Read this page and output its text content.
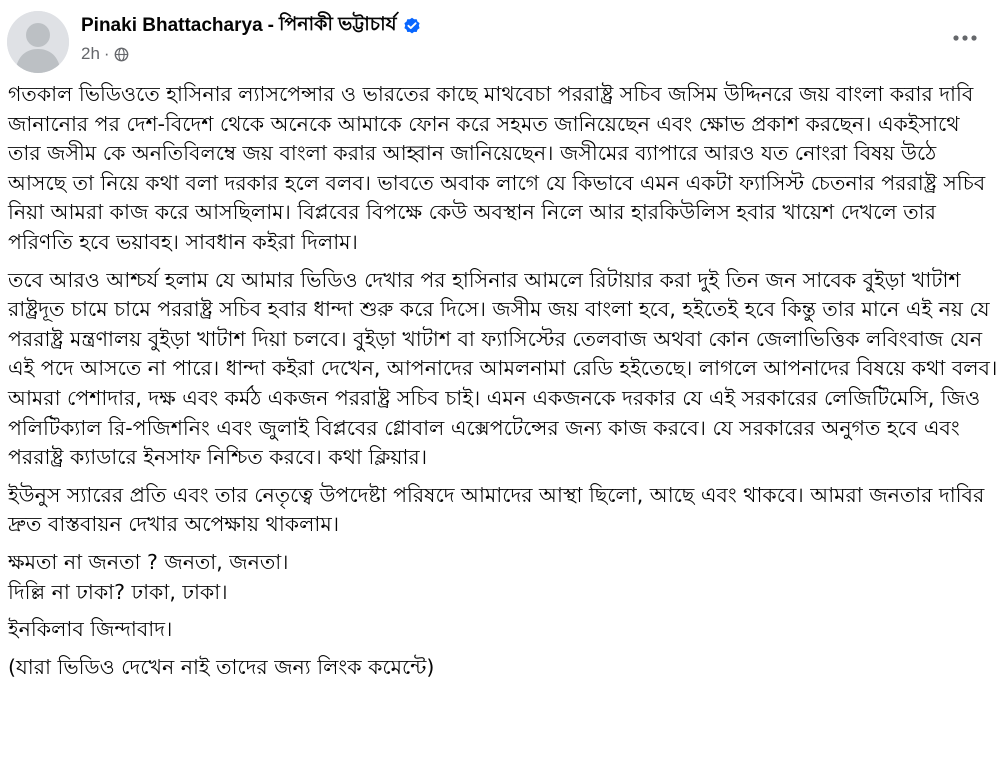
Pinaki Bhattacharya - পিনাকী ভট্টাচার্য
2h ·

গতকাল ভিডিওতে হাসিনার ল্যাসপেন্সার ও ভারতের কাছে মাথবেচা পররাষ্ট্র সচিব জসিম উদ্দিনরে জয় বাংলা করার দাবি জানানোর পর দেশ-বিদেশ থেকে অনেকে আমাকে ফোন করে সহমত জানিয়েছেন এবং ক্ষোভ প্রকাশ করছেন। একইসাথে তার জসীম কে অনতিবিলম্বে জয় বাংলা করার আহ্বান জানিয়েছেন। জসীমের ব্যাপারে আরও যত নোংরা বিষয় উঠে আসছে তা নিয়ে কথা বলা দরকার হলে বলব। ভাবতে অবাক লাগে যে কিভাবে এমন একটা ফ্যাসিস্ট চেতনার পররাষ্ট্র সচিব নিয়া আমরা কাজ করে আসছিলাম। বিপ্লবের বিপক্ষে কেউ অবস্থান নিলে আর হারকিউলিস হবার খায়েশ দেখলে তার পরিণতি হবে ভয়াবহ। সাবধান কইরা দিলাম।

তবে আরও আশ্চর্য হলাম যে আমার ভিডিও দেখার পর হাসিনার আমলে রিটায়ার করা দুই তিন জন সাবেক বুইড়া খাটাশ রাষ্ট্রদূত চামে চামে পররাষ্ট্র সচিব হবার ধান্দা শুরু করে দিসে। জসীম জয় বাংলা হবে, হইতেই হবে কিন্তু তার মানে এই নয় যে পররাষ্ট্র মন্ত্রণালয় বুইড়া খাটাশ দিয়া চলবে। বুইড়া খাটাশ বা ফ্যাসিস্টের তেলবাজ অথবা কোন জেলাভিত্তিক লবিংবাজ যেন এই পদে আসতে না পারে। ধান্দা কইরা দেখেন, আপনাদের আমলনামা রেডি হইতেছে। লাগলে আপনাদের বিষয়ে কথা বলব। আমরা পেশাদার, দক্ষ এবং কর্মঠ একজন পররাষ্ট্র সচিব চাই। এমন একজনকে দরকার যে এই সরকারের লেজিটিমেসি, জিও পলিটিক্যাল রি-পজিশনিং এবং জুলাই বিপ্লবের গ্লোবাল এক্সেপটেন্সের জন্য কাজ করবে। যে সরকারের অনুগত হবে এবং পররাষ্ট্র ক্যাডারে ইনসাফ নিশ্চিত করবে। কথা ক্লিয়ার।

ইউনুস স্যারের প্রতি এবং তার নেতৃত্বে উপদেষ্টা পরিষদে আমাদের আস্থা ছিলো, আছে এবং থাকবে। আমরা জনতার দাবির দ্রুত বাস্তবায়ন দেখার অপেক্ষায় থাকলাম।

ক্ষমতা না জনতা ? জনতা, জনতা।
দিল্লি না ঢাকা? ঢাকা, ঢাকা।

ইনকিলাব জিন্দাবাদ।

(যারা ভিডিও দেখেন নাই তাদের জন্য লিংক কমেন্টে)
